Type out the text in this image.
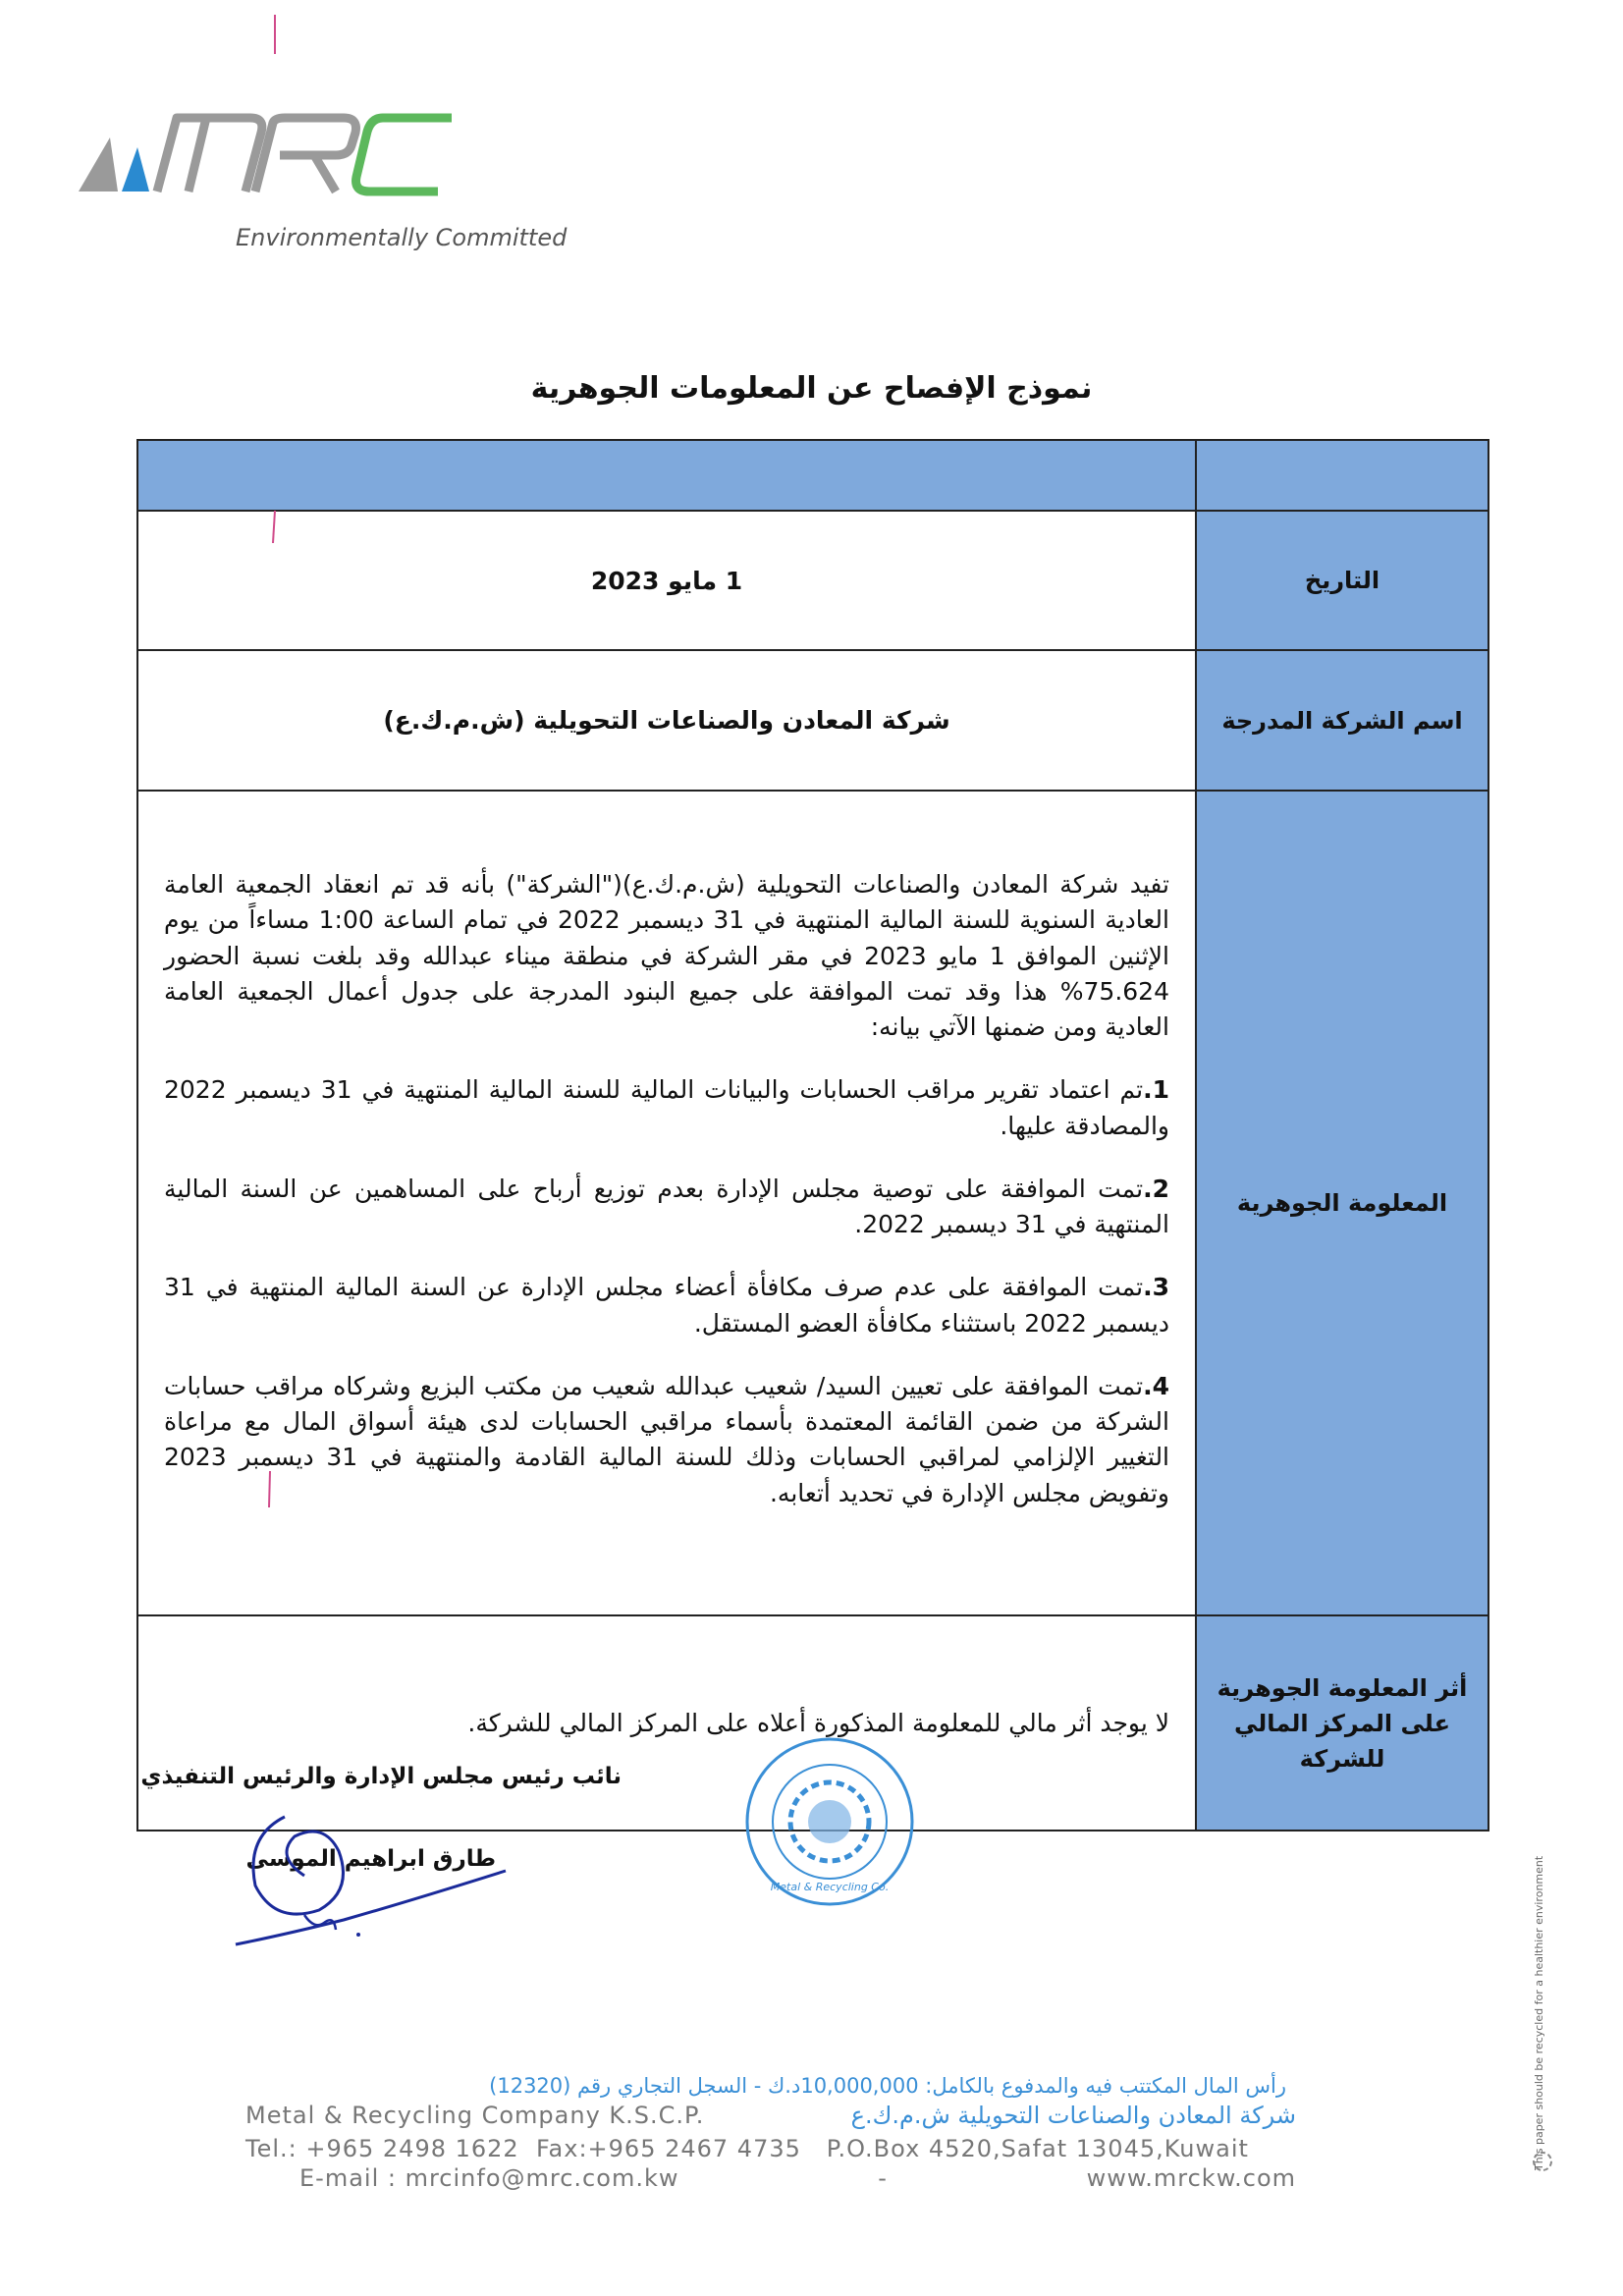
Environmentally Committed
نموذج الإفصاح عن المعلومات الجوهرية

التاريخ	1 مايو 2023
اسم الشركة المدرجة	شركة المعادن والصناعات التحويلية (ش.م.ك.ع)
المعلومة الجوهرية	تفيد شركة المعادن والصناعات التحويلية (ش.م.ك.ع)("الشركة") بأنه قد تم انعقاد الجمعية العامة العادية السنوية للسنة المالية المنتهية في 31 ديسمبر 2022 في تمام الساعة 1:00 مساءاً من يوم الإثنين الموافق 1 مايو 2023 في مقر الشركة في منطقة ميناء عبدالله وقد بلغت نسبة الحضور 75.624% هذا وقد تمت الموافقة على جميع البنود المدرجة على جدول أعمال الجمعية العامة العادية ومن ضمنها الآتي بيانه:

1.تم اعتماد تقرير مراقب الحسابات والبيانات المالية للسنة المالية المنتهية في 31 ديسمبر 2022 والمصادقة عليها.

2.تمت الموافقة على توصية مجلس الإدارة بعدم توزيع أرباح على المساهمين عن السنة المالية المنتهية في 31 ديسمبر 2022.

3.تمت الموافقة على عدم صرف مكافأة أعضاء مجلس الإدارة عن السنة المالية المنتهية في 31 ديسمبر 2022 باستثناء مكافأة العضو المستقل.

4.تمت الموافقة على تعيين السيد/ شعيب عبدالله شعيب من مكتب البزيع وشركاه مراقب حسابات الشركة من ضمن القائمة المعتمدة بأسماء مراقبي الحسابات لدى هيئة أسواق المال مع مراعاة التغيير الإلزامي لمراقبي الحسابات وذلك للسنة المالية القادمة والمنتهية في 31 ديسمبر 2023 وتفويض مجلس الإدارة في تحديد أتعابه.

أثر المعلومة الجوهرية على المركز المالي للشركة	لا يوجد أثر مالي للمعلومة المذكورة أعلاه على المركز المالي للشركة.
نائب رئيس مجلس الإدارة والرئيس التنفيذي
طارق ابراهيم الموسى
Metal & Recycling Co.
رأس المال المكتتب فيه والمدفوع بالكامل: 10,000,000د.ك - السجل التجاري رقم (12320)
Metal & Recycling Company K.S.C.P.	شركة المعادن والصناعات التحويلية ش.م.ك.ع
Tel.: +965 2498 1622  Fax:+965 2467 4735   P.O.Box 4520,Safat 13045,Kuwait
E-mail : mrcinfo@mrc.com.kw	-	www.mrckw.com
This paper should be recycled for a healthier environment
